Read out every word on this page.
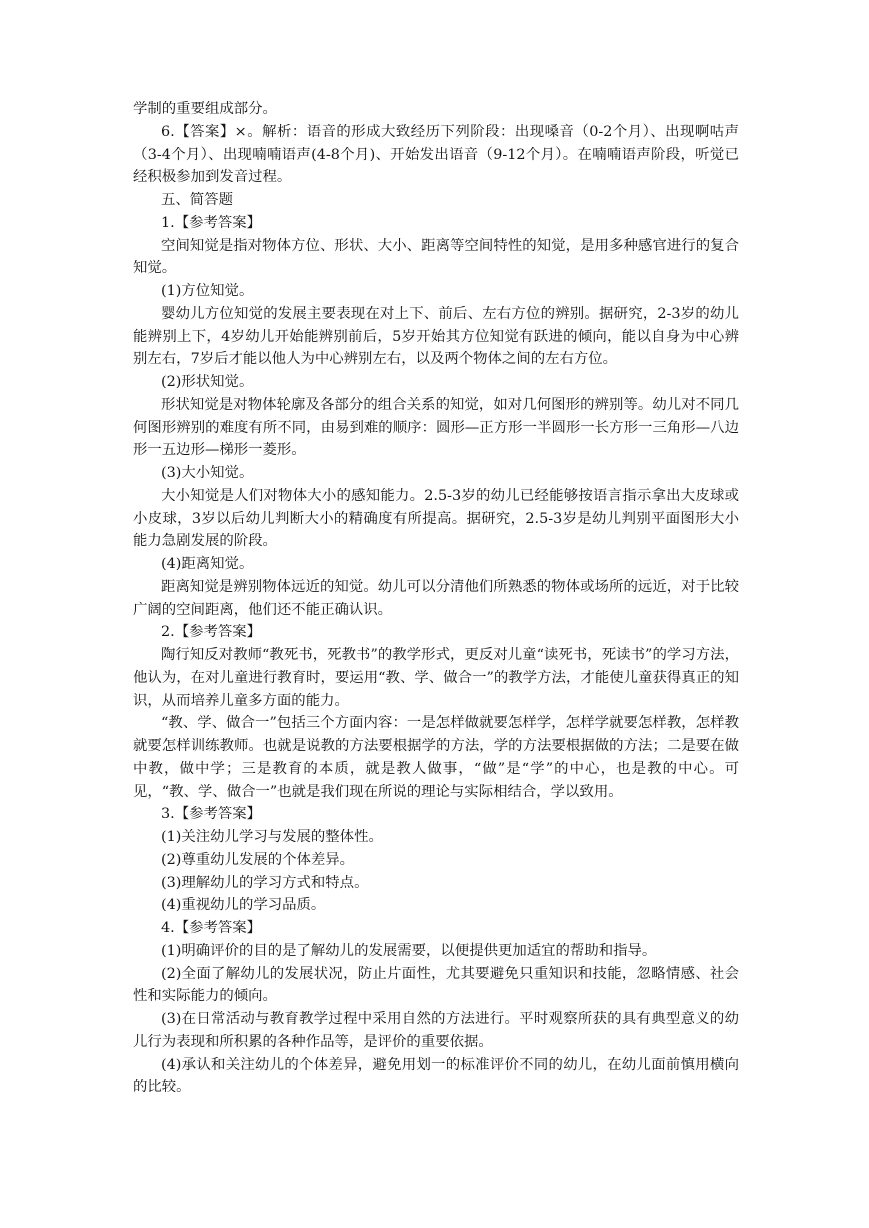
学制的重要组成部分。

6.【答案】×。解析：语音的形成大致经历下列阶段：出现嗓音（0-2个月）、出现啊咕声（3-4个月）、出现喃喃语声(4-8个月)、开始发出语音（9-12个月）。在喃喃语声阶段，听觉已经积极参加到发音过程。

五、简答题

1.【参考答案】

空间知觉是指对物体方位、形状、大小、距离等空间特性的知觉，是用多种感官进行的复合知觉。

(1)方位知觉。

婴幼儿方位知觉的发展主要表现在对上下、前后、左右方位的辨别。据研究，2-3岁的幼儿能辨别上下，4岁幼儿开始能辨别前后，5岁开始其方位知觉有跃进的倾向，能以自身为中心辨别左右，7岁后才能以他人为中心辨别左右，以及两个物体之间的左右方位。

(2)形状知觉。

形状知觉是对物体轮廓及各部分的组合关系的知觉，如对几何图形的辨别等。幼儿对不同几何图形辨别的难度有所不同，由易到难的顺序：圆形—正方形一半圆形一长方形一三角形—八边形一五边形—梯形一菱形。

(3)大小知觉。

大小知觉是人们对物体大小的感知能力。2.5-3岁的幼儿已经能够按语言指示拿出大皮球或小皮球，3岁以后幼儿判断大小的精确度有所提高。据研究，2.5-3岁是幼儿判别平面图形大小能力急剧发展的阶段。

(4)距离知觉。

距离知觉是辨别物体远近的知觉。幼儿可以分清他们所熟悉的物体或场所的远近，对于比较广阔的空间距离，他们还不能正确认识。

2.【参考答案】

陶行知反对教师“教死书，死教书”的教学形式，更反对儿童“读死书，死读书”的学习方法，他认为，在对儿童进行教育时，要运用“教、学、做合一”的教学方法，才能使儿童获得真正的知识，从而培养儿童多方面的能力。

“教、学、做合一”包括三个方面内容：一是怎样做就要怎样学，怎样学就要怎样教，怎样教就要怎样训练教师。也就是说教的方法要根据学的方法，学的方法要根据做的方法；二是要在做中教，做中学；三是教育的本质，就是教人做事，“做”是“学”的中心，也是教的中心。可见，“教、学、做合一”也就是我们现在所说的理论与实际相结合，学以致用。

3.【参考答案】

(1)关注幼儿学习与发展的整体性。

(2)尊重幼儿发展的个体差异。

(3)理解幼儿的学习方式和特点。

(4)重视幼儿的学习品质。

4.【参考答案】

(1)明确评价的目的是了解幼儿的发展需要，以便提供更加适宜的帮助和指导。

(2)全面了解幼儿的发展状况，防止片面性，尤其要避免只重知识和技能，忽略情感、社会性和实际能力的倾向。

(3)在日常活动与教育教学过程中采用自然的方法进行。平时观察所获的具有典型意义的幼儿行为表现和所积累的各种作品等，是评价的重要依据。

(4)承认和关注幼儿的个体差异，避免用划一的标准评价不同的幼儿，在幼儿面前慎用横向的比较。
